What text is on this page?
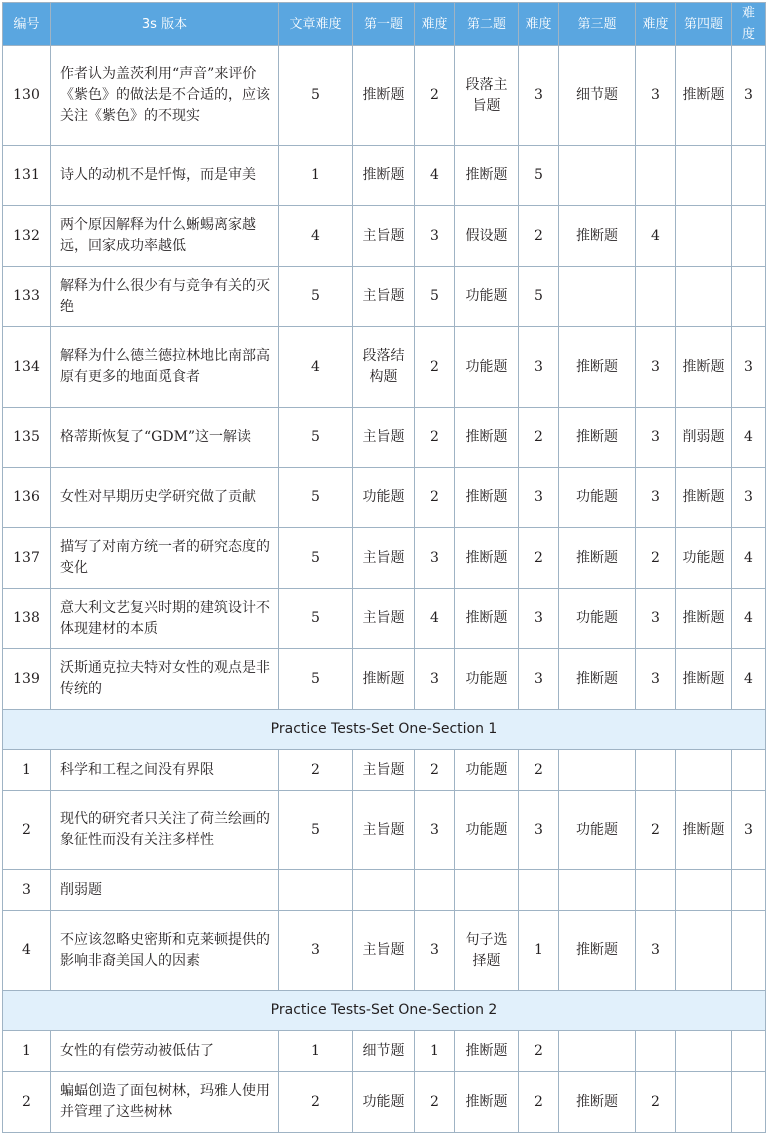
编号	3s 版本	文章难度	第一题	难度	第二题	难度	第三题	难度	第四题	难度
130	作者认为盖茨利用“声音”来评价《紫色》的做法是不合适的，应该关注《紫色》的不现实	5	推断题	2	段落主旨题	3	细节题	3	推断题	3
131	诗人的动机不是忏悔，而是审美	1	推断题	4	推断题	5				
132	两个原因解释为什么蜥蜴离家越远，回家成功率越低	4	主旨题	3	假设题	2	推断题	4		
133	解释为什么很少有与竞争有关的灭绝	5	主旨题	5	功能题	5				
134	解释为什么德兰德拉林地比南部高原有更多的地面觅食者	4	段落结构题	2	功能题	3	推断题	3	推断题	3
135	格蒂斯恢复了“GDM”这一解读	5	主旨题	2	推断题	2	推断题	3	削弱题	4
136	女性对早期历史学研究做了贡献	5	功能题	2	推断题	3	功能题	3	推断题	3
137	描写了对南方统一者的研究态度的变化	5	主旨题	3	推断题	2	推断题	2	功能题	4
138	意大利文艺复兴时期的建筑设计不体现建材的本质	5	主旨题	4	推断题	3	功能题	3	推断题	4
139	沃斯通克拉夫特对女性的观点是非传统的	5	推断题	3	功能题	3	推断题	3	推断题	4
Practice Tests-Set One-Section 1										
1	科学和工程之间没有界限	2	主旨题	2	功能题	2				
2	现代的研究者只关注了荷兰绘画的象征性而没有关注多样性	5	主旨题	3	功能题	3	功能题	2	推断题	3
3	削弱题									
4	不应该忽略史密斯和克莱顿提供的影响非裔美国人的因素	3	主旨题	3	句子选择题	1	推断题	3		
Practice Tests-Set One-Section 2										
1	女性的有偿劳动被低估了	1	细节题	1	推断题	2				
2	蝙蝠创造了面包树林，玛雅人使用并管理了这些树林	2	功能题	2	推断题	2	推断题	2		
